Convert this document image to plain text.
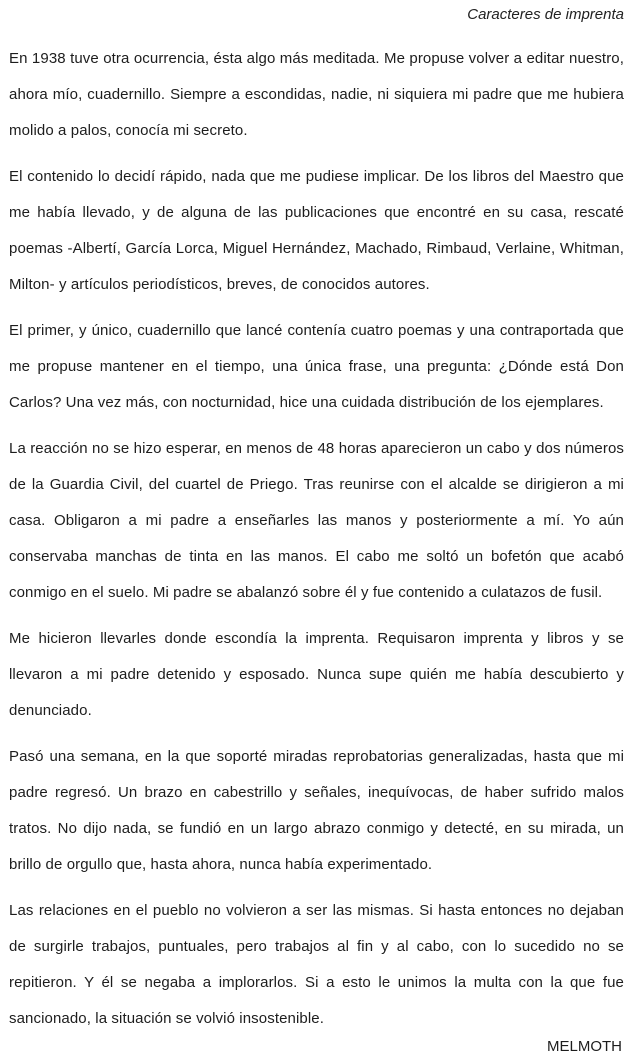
Caracteres de imprenta

En 1938 tuve otra ocurrencia, ésta algo más meditada. Me propuse volver a editar nuestro, ahora mío, cuadernillo. Siempre a escondidas, nadie, ni siquiera mi padre que me hubiera molido a palos, conocía mi secreto.

El contenido lo decidí rápido, nada que me pudiese implicar. De los libros del Maestro que me había llevado, y de alguna de las publicaciones que encontré en su casa, rescaté poemas -Albertí, García Lorca, Miguel Hernández, Machado, Rimbaud, Verlaine, Whitman, Milton- y artículos periodísticos, breves, de conocidos autores.

El primer, y único, cuadernillo que lancé contenía cuatro poemas y una contraportada que me propuse mantener en el tiempo, una única frase, una pregunta: ¿Dónde está Don Carlos? Una vez más, con nocturnidad, hice una cuidada distribución de los ejemplares.

La reacción no se hizo esperar, en menos de 48 horas aparecieron un cabo y dos números de la Guardia Civil, del cuartel de Priego. Tras reunirse con el alcalde se dirigieron a mi casa. Obligaron a mi padre a enseñarles las manos y posteriormente a mí. Yo aún conservaba manchas de tinta en las manos. El cabo me soltó un bofetón que acabó conmigo en el suelo. Mi padre se abalanzó sobre él y fue contenido a culatazos de fusil.

Me hicieron llevarles donde escondía la imprenta. Requisaron imprenta y libros y se llevaron a mi padre detenido y esposado. Nunca supe quién me había descubierto y denunciado.

Pasó una semana, en la que soporté miradas reprobatorias generalizadas, hasta que mi padre regresó. Un brazo en cabestrillo y señales, inequívocas, de haber sufrido malos tratos. No dijo nada, se fundió en un largo abrazo conmigo y detecté, en su mirada, un brillo de orgullo que, hasta ahora, nunca había experimentado.

Las relaciones en el pueblo no volvieron a ser las mismas. Si hasta entonces no dejaban de surgirle trabajos, puntuales, pero trabajos al fin y al cabo, con lo sucedido no se repitieron. Y él se negaba a implorarlos. Si a esto le unimos la multa con la que fue sancionado, la situación se volvió insostenible.

MELMOTH
